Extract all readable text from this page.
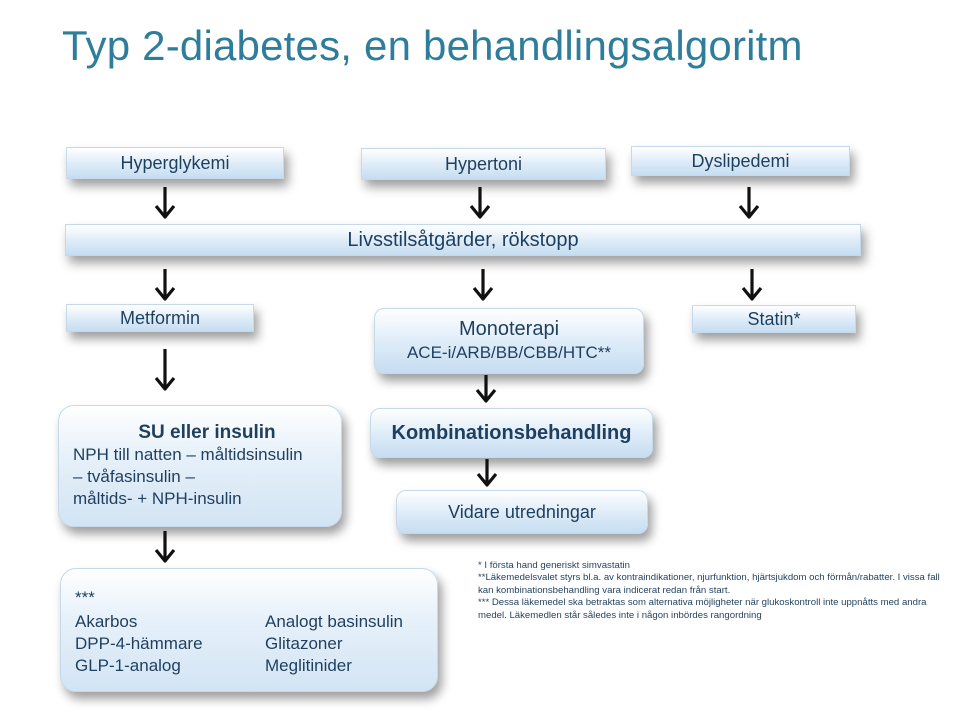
Typ 2-diabetes, en behandlingsalgoritm
Hyperglykemi	Hypertoni	Dyslipedemi
Livsstilsåtgärder, rökstopp
Metformin	Monoterapi
ACE-i/ARB/BB/CBB/HTC**
Statin*
SU eller insulin
NPH till natten – måltidsinsulin
– tvåfasinsulin –
måltids- + NPH-insulin
Kombinationsbehandling
Vidare utredningar
***
Akarbos
DPP-4-hämmare
GLP-1-analog
Analogt basinsulin
Glitazoner
Meglitinider
* I första hand generiskt simvastatin
**Läkemedelsvalet styrs bl.a. av kontraindikationer, njurfunktion, hjärtsjukdom och förmån/rabatter. I vissa fall kan kombinationsbehandling vara indicerat redan från start.
*** Dessa läkemedel ska betraktas som alternativa möjligheter när glukoskontroll inte uppnåtts med andra medel. Läkemedlen står således inte i någon inbördes rangordning
